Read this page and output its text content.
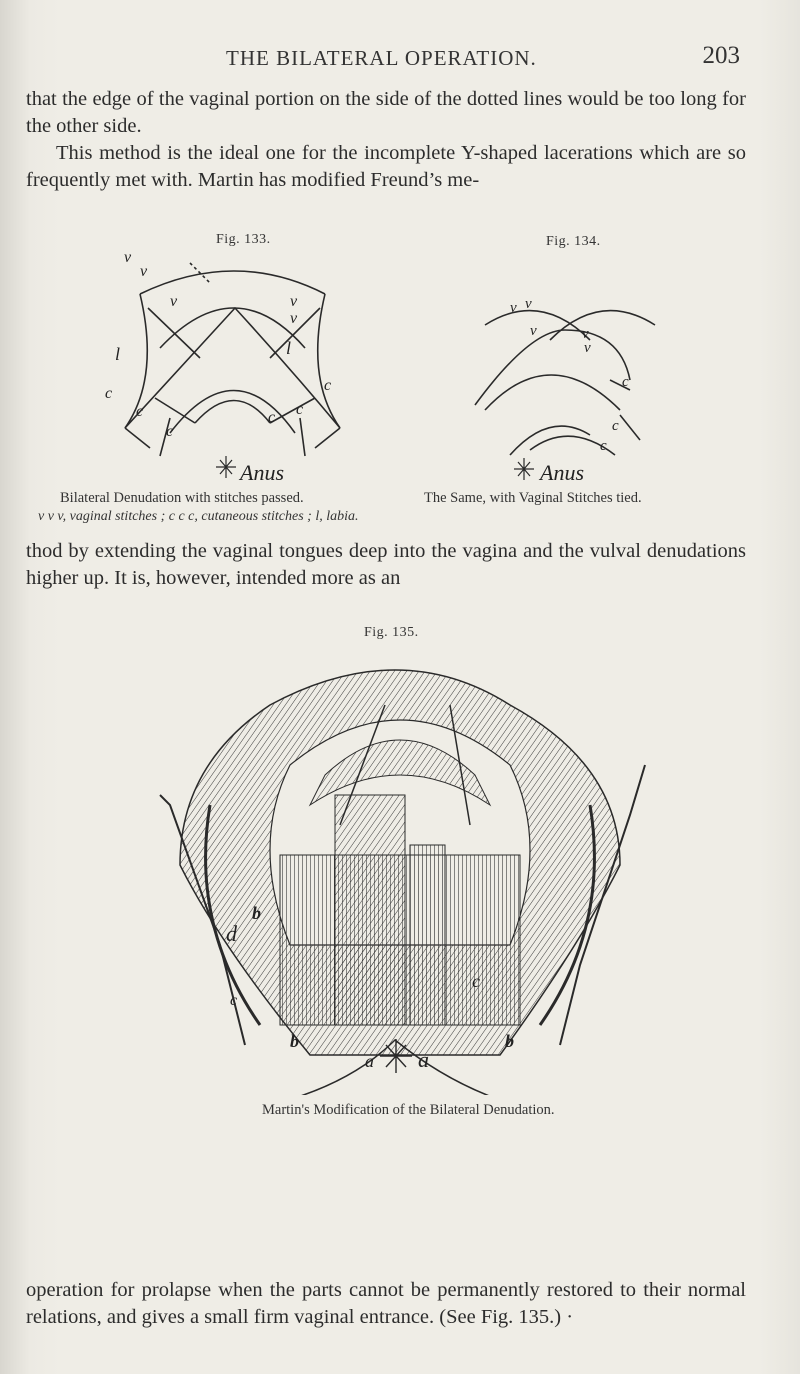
THE BILATERAL OPERATION.	203

that the edge of the vaginal portion on the side of the dotted lines would be too long for the other side.

This method is the ideal one for the incomplete Y-shaped lacerations which are so frequently met with. Martin has modified Freund’s me-

Fig. 133.
v
v
v	v
v
l	l
c
c
c
c c
c
Anus
Bilateral Denudation with stitches passed.
v v v, vaginal stitches ; c c c, cutaneous stitches ; l, labia.
Fig. 134.
v v
v	v
v
c
c
c
Anus
The Same, with Vaginal Stitches tied.

thod by extending the vaginal tongues deep into the vagina and the vulval denudations higher up. It is, however, intended more as an

Fig. 135.
d
b
c
b
a a
b
c
Martin's Modification of the Bilateral Denudation.

operation for prolapse when the parts cannot be permanently restored to their normal relations, and gives a small firm vaginal entrance. (See Fig. 135.) ·
